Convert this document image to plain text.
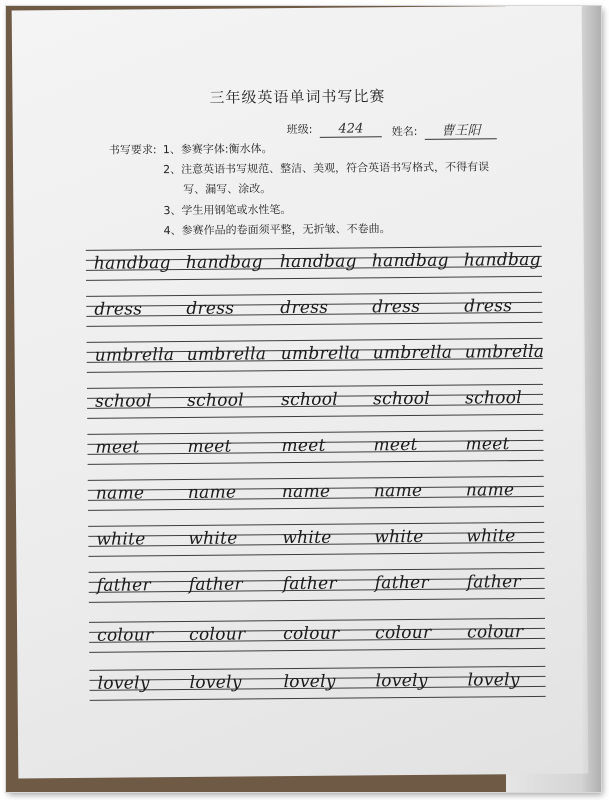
三年级英语单词书写比赛
班级: 424	姓名: 曹王阳
书写要求: 1、参赛字体:衡水体。
2、注意英语书写规范、整洁、美观，符合英语书写格式，不得有误
写、漏写、涂改。
3、学生用钢笔或水性笔。
4、参赛作品的卷面须平整，无折皱、不卷曲。
handbag handbag handbag handbag handbag
dress	dress	dress	dress	dress
umbrella umbrella umbrella umbrella umbrella
school school school school school
meet	meet	meet	meet	meet
name	name	name	name	name
white white	white white white
father father father father father
colour colour colour colour colour
lovely lovely lovely lovely lovely
